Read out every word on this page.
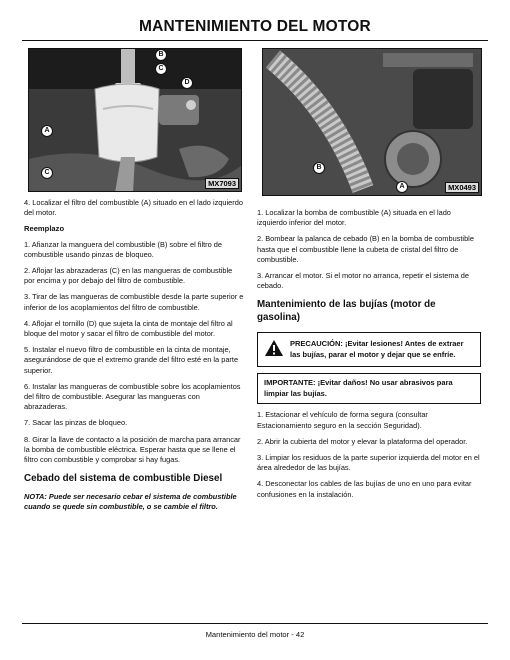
MANTENIMIENTO DEL MOTOR
B
C
D
A
C
MX7093
B
A	MX0493

4. Localizar el filtro del combustible (A) situado en el lado izquierdo del motor.

Reemplazo

1. Afianzar la manguera del combustible (B) sobre el filtro de combustible usando pinzas de bloqueo.

2. Aflojar las abrazaderas (C) en las mangueras de combustible por encima y por debajo del filtro de combustible.

3. Tirar de las mangueras de combustible desde la parte superior e inferior de los acoplamientos del filtro de combustible.

4. Aflojar el tornillo (D) que sujeta la cinta de montaje del filtro al bloque del motor y sacar el filtro de combustible del motor.

5. Instalar el nuevo filtro de combustible en la cinta de montaje, asegurándose de que el extremo grande del filtro esté en la parte superior.

6. Instalar las mangueras de combustible sobre los acoplamientos del filtro de combustible. Asegurar las mangueras con abrazaderas.

7. Sacar las pinzas de bloqueo.

8. Girar la llave de contacto a la posición de marcha para arrancar la bomba de combustible eléctrica. Esperar hasta que se llene el filtro con combustible y comprobar si hay fugas.

Cebado del sistema de combustible Diesel

NOTA: Puede ser necesario cebar el sistema de combustible cuando se quede sin combustible, o se cambie el filtro.

1. Localizar la bomba de combustible (A) situada en el lado izquierdo inferior del motor.

2. Bombear la palanca de cebado (B) en la bomba de combustible hasta que el combustible llene la cubeta de cristal del filtro de combustible.

3. Arrancar el motor. Si el motor no arranca, repetir el sistema de cebado.

Mantenimiento de las bujías (motor de gasolina)
PRECAUCIÓN: ¡Evitar lesiones! Antes de extraer las bujías, parar el motor y dejar que se enfríe.
IMPORTANTE: ¡Evitar daños! No usar abrasivos para limpiar las bujías.

1. Estacionar el vehículo de forma segura (consultar Estacionamiento seguro en la sección Seguridad).

2. Abrir la cubierta del motor y elevar la plataforma del operador.

3. Limpiar los residuos de la parte superior izquierda del motor en el área alrededor de las bujías.

4. Desconectar los cables de las bujías de uno en uno para evitar confusiones en la instalación.

Mantenimiento del motor - 42
